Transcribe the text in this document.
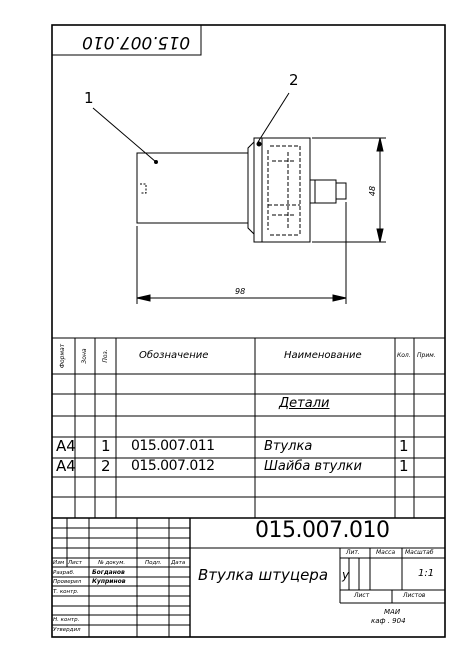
015.007.010
1
2
98
48
Формат	Зона Поз.	Обозначение	Наименование	Кол. Прим.
Детали
А4 1 015.007.011	Втулка	1
А4 2 015.007.012	Шайба втулки 1
015.007.010
Втулка штуцера
Изм Лист	№ докум.	Подп. Дата
Разраб.	Богданов
Проверил Купринов
Т. контр.
Н. контр.
Утвердил
Лит.	Масса Масштаб
у	1:1
Лист	Листов
МАИ
каф . 904
